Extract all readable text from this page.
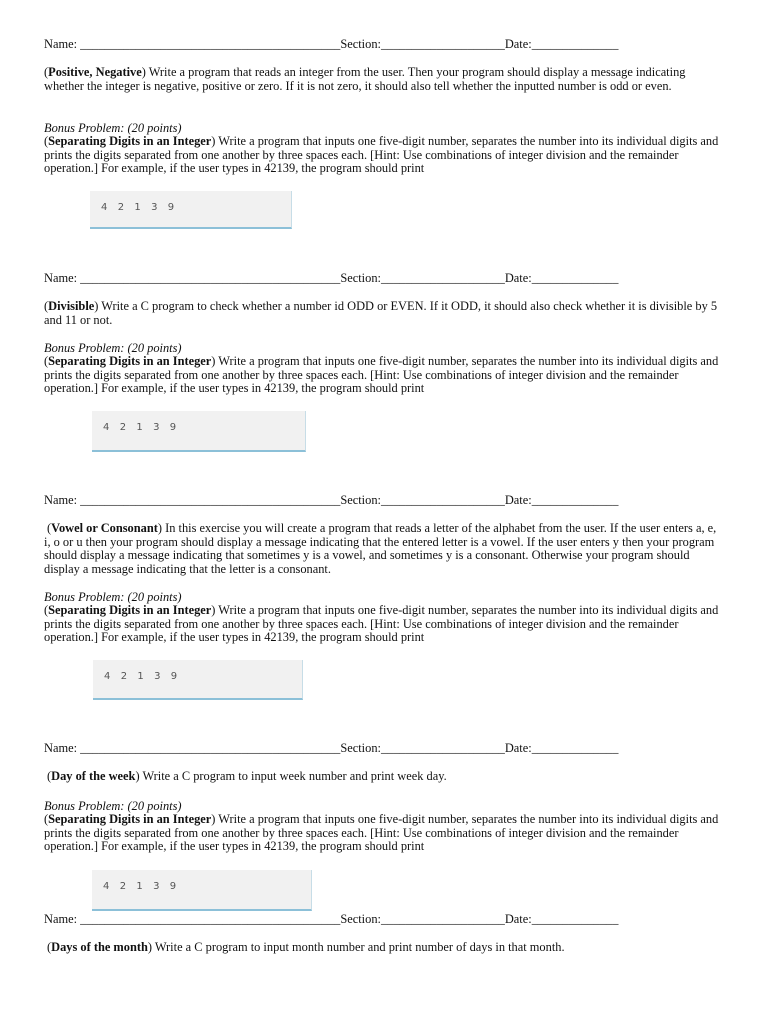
Name: __________________________________________Section:____________________Date:______________

(Positive, Negative) Write a program that reads an integer from the user. Then your program should display a message indicating whether the integer is negative, positive or zero. If it is not zero, it should also tell whether the inputted number is odd or even.

Bonus Problem: (20 points)

(Separating Digits in an Integer) Write a program that inputs one five-digit number, separates the number into its individual digits and prints the digits separated from one another by three spaces each. [Hint: Use combinations of integer division and the remainder operation.] For example, if the user types in 42139, the program should print

4   2   1   3   9
Name: __________________________________________Section:____________________Date:______________

(Divisible) Write a C program to check whether a number id ODD or EVEN. If it ODD, it should also check whether it is divisible by 5 and 11 or not.

Bonus Problem: (20 points)

(Separating Digits in an Integer) Write a program that inputs one five-digit number, separates the number into its individual digits and prints the digits separated from one another by three spaces each. [Hint: Use combinations of integer division and the remainder operation.] For example, if the user types in 42139, the program should print

4   2   1   3   9
Name: __________________________________________Section:____________________Date:______________

(Vowel or Consonant) In this exercise you will create a program that reads a letter of the alphabet from the user. If the user enters a, e, i, o or u then your program should display a message indicating that the entered letter is a vowel. If the user enters y then your program should display a message indicating that sometimes y is a vowel, and sometimes y is a consonant. Otherwise your program should display a message indicating that the letter is a consonant.

Bonus Problem: (20 points)

(Separating Digits in an Integer) Write a program that inputs one five-digit number, separates the number into its individual digits and prints the digits separated from one another by three spaces each. [Hint: Use combinations of integer division and the remainder operation.] For example, if the user types in 42139, the program should print

4   2   1   3   9
Name: __________________________________________Section:____________________Date:______________

(Day of the week) Write a C program to input week number and print week day.

Bonus Problem: (20 points)

(Separating Digits in an Integer) Write a program that inputs one five-digit number, separates the number into its individual digits and prints the digits separated from one another by three spaces each. [Hint: Use combinations of integer division and the remainder operation.] For example, if the user types in 42139, the program should print

4   2   1   3   9
Name: __________________________________________Section:____________________Date:______________

(Days of the month) Write a C program to input month number and print number of days in that month.
